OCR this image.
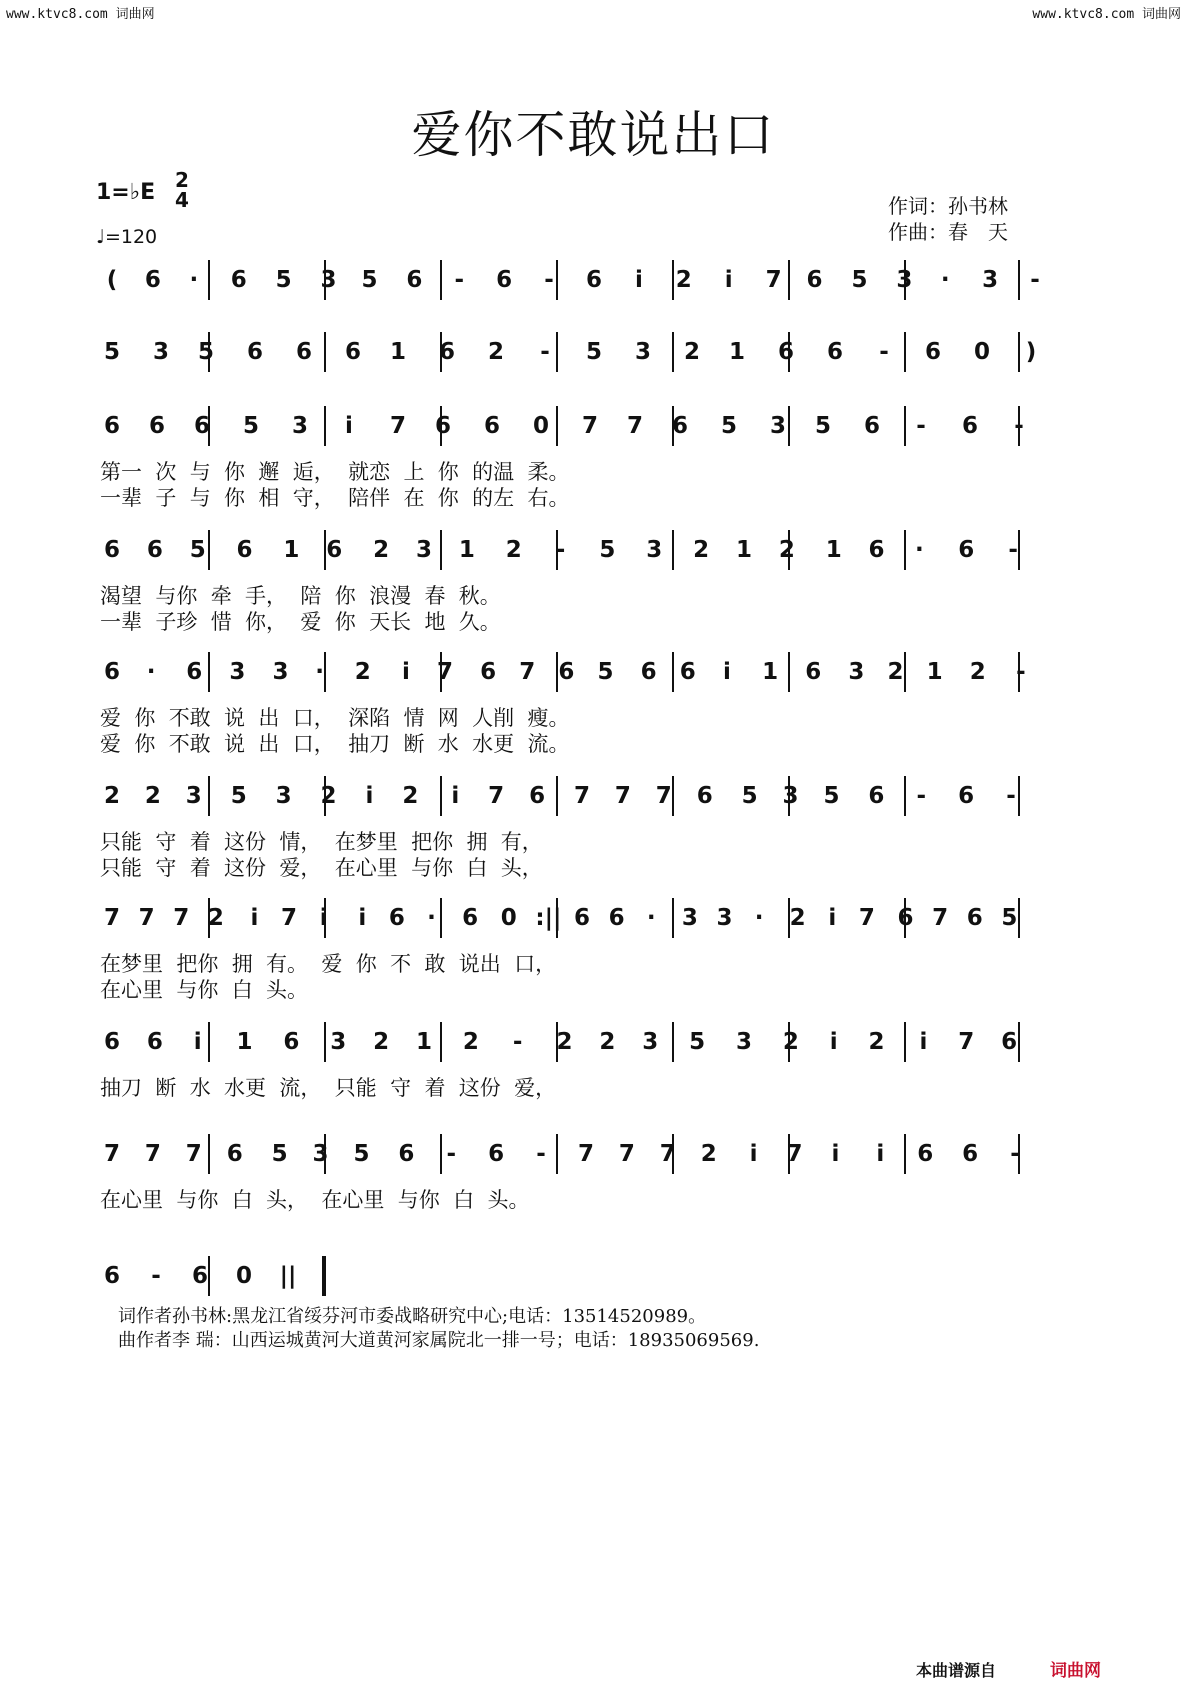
www.ktvc8.com 词曲网	www.ktvc8.com 词曲网
爱你不敢说出口
1=♭E 2
4
♩=120
作词：孙书林
作曲：春　天
( 6	·	6 5 3 5 6	-	6	-	6	i	2	i	7 6 5 3	·	3	-
5 3 5 6 6 6 1 6 2	-	5 3 2 1 6 6	-	6 0 )
6 6 6 5 3	i	7 6 6 0 7 7 6 5 3 5 6	-	6	-
第一  次  与  你  邂  逅，  就恋  上  你  的温  柔。
一辈  子  与  你  相  守，  陪伴  在  你  的左  右。
6 6 5 6 1 6 2 3 1 2	-	5 3 2 1 2 1 6	·	6	-
渴望  与你  牵  手，  陪  你  浪漫  春  秋。
一辈  子珍  惜  你，  爱  你  天长  地  久。
6	·	6 3 3	·	2	i	7 6 7 6 5 6 6	i	1 6 3 2 1 2	-
爱  你  不敢  说  出  口，  深陷  情  网  人削  瘦。
爱  你  不敢  说  出  口，  抽刀  断  水  水更  流。
2 2 3 5 3 2	i	2	i	7 6 7 7 7 6 5 3 5 6	-	6	-
只能  守  着  这份  情，  在梦里  把你  拥  有，
只能  守  着  这份  爱，  在心里  与你  白  头，
7 7 7 2	i 7 i	i 6 ·	6 0 :|| 6 6 ·	3 3 ·	2 i 7 6 7 6 5
在梦里  把你  拥  有。  爱  你  不  敢  说出  口，
在心里  与你  白  头。
6 6	i	1 6 3 2 1 2	-	2 2 3 5 3 2	i	2	i	7 6
抽刀  断  水  水更  流，  只能  守  着  这份  爱，
7 7 7 6 5 3 5 6	-	6	-	7 7 7 2	i	7	i	i	6 6	-
在心里  与你  白  头，  在心里  与你  白  头。
6	-	6 0 ||
词作者孙书林:黑龙江省绥芬河市委战略研究中心;电话：13514520989。
曲作者李 瑞：山西运城黄河大道黄河家属院北一排一号；电话：18935069569.
本曲谱源自	词曲网
